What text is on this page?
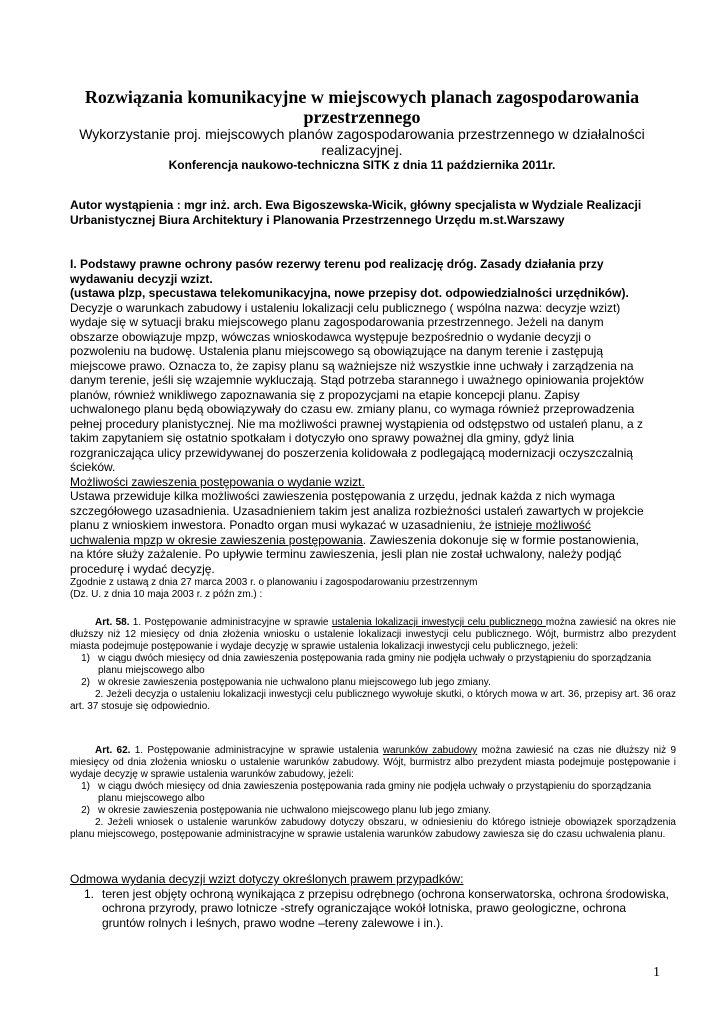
Rozwiązania komunikacyjne w miejscowych planach zagospodarowania
przestrzennego
Wykorzystanie proj. miejscowych planów zagospodarowania przestrzennego w działalności
realizacyjnej.
Konferencja naukowo-techniczna SITK z dnia 11 października 2011r.
Autor wystąpienia : mgr inż. arch. Ewa Bigoszewska-Wicik, główny specjalista w Wydziale Realizacji
Urbanistycznej Biura Architektury i Planowania Przestrzennego Urzędu m.st.Warszawy

I. Podstawy prawne ochrony pasów rezerwy terenu pod realizację dróg. Zasady działania przy

wydawaniu decyzji wzizt.

(ustawa plzp, specustawa telekomunikacyjna, nowe przepisy dot. odpowiedzialności urzędników).

Decyzje o warunkach zabudowy i ustaleniu lokalizacji celu publicznego ( wspólna nazwa: decyzje wzizt)

wydaje się w sytuacji braku miejscowego planu zagospodarowania przestrzennego. Jeżeli na danym

obszarze obowiązuje mpzp, wówczas wnioskodawca występuje bezpośrednio o wydanie decyzji o

pozwoleniu na budowę. Ustalenia planu miejscowego są obowiązujące na danym terenie i zastępują

miejscowe prawo. Oznacza to, że zapisy planu są ważniejsze niż wszystkie inne uchwały i zarządzenia na

danym terenie, jeśli się wzajemnie wykluczają. Stąd potrzeba starannego i uważnego opiniowania projektów

planów, również wnikliwego zapoznawania się z propozycjami na etapie koncepcji planu. Zapisy

uchwalonego planu będą obowiązywały do czasu ew. zmiany planu, co wymaga również przeprowadzenia

pełnej procedury planistycznej. Nie ma możliwości prawnej wystąpienia od odstępstwo od ustaleń planu, a z

takim zapytaniem się ostatnio spotkałam i dotyczyło ono sprawy poważnej dla gminy, gdyż linia

rozgraniczająca ulicy przewidywanej do poszerzenia kolidowała z podlegającą modernizacji oczyszczalnią

ścieków.

Możliwości zawieszenia postępowania o wydanie wzizt.

Ustawa przewiduje kilka możliwości zawieszenia postępowania z urzędu, jednak każda z nich wymaga

szczegółowego uzasadnienia. Uzasadnieniem takim jest analiza rozbieżności ustaleń zawartych w projekcie

planu z wnioskiem inwestora. Ponadto organ musi wykazać w uzasadnieniu, że istnieje możliwość

uchwalenia mpzp w okresie zawieszenia postępowania. Zawieszenia dokonuje się w formie postanowienia,

na które służy zażalenie. Po upływie terminu zawieszenia, jesli plan nie został uchwalony, należy podjąć

procedurę i wydać decyzję.

Zgodnie z ustawą z dnia 27 marca 2003 r. o planowaniu i zagospodarowaniu przestrzennym

(Dz. U. z dnia 10 maja 2003 r. z późn zm.) :

Art. 58. 1. Postępowanie administracyjne w sprawie ustalenia lokalizacji inwestycji celu publicznego można zawiesić na okres nie dłuższy niż 12 miesięcy od dnia złożenia wniosku o ustalenie lokalizacji inwestycji celu publicznego. Wójt, burmistrz albo prezydent miasta podejmuje postępowanie i wydaje decyzję w sprawie ustalenia lokalizacji inwestycji celu publicznego, jeżeli:

1) w ciągu dwóch miesięcy od dnia zawieszenia postępowania rada gminy nie podjęła uchwały o przystąpieniu do sporządzania planu miejscowego albo
2) w okresie zawieszenia postępowania nie uchwalono planu miejscowego lub jego zmiany.

2. Jeżeli decyzja o ustaleniu lokalizacji inwestycji celu publicznego wywołuje skutki, o których mowa w art. 36, przepisy art. 36 oraz art. 37 stosuje się odpowiednio.

Art. 62. 1. Postępowanie administracyjne w sprawie ustalenia warunków zabudowy można zawiesić na czas nie dłuższy niż 9 miesięcy od dnia złożenia wniosku o ustalenie warunków zabudowy. Wójt, burmistrz albo prezydent miasta podejmuje postępowanie i wydaje decyzję w sprawie ustalenia warunków zabudowy, jeżeli:

1) w ciągu dwóch miesięcy od dnia zawieszenia postępowania rada gminy nie podjęła uchwały o przystąpieniu do sporządzania planu miejscowego albo
2) w okresie zawieszenia postępowania nie uchwalono miejscowego planu lub jego zmiany.

2. Jeżeli wniosek o ustalenie warunków zabudowy dotyczy obszaru, w odniesieniu do którego istnieje obowiązek sporządzenia planu miejscowego, postępowanie administracyjne w sprawie ustalenia warunków zabudowy zawiesza się do czasu uchwalenia planu.

Odmowa wydania decyzji wzizt dotyczy określonych prawem przypadków:

1. teren jest objęty ochroną wynikająca z przepisu odrębnego (ochrona konserwatorska, ochrona środowiska, ochrona przyrody, prawo lotnicze -strefy ograniczające wokół lotniska, prawo geologiczne, ochrona gruntów rolnych i leśnych, prawo wodne –tereny zalewowe i in.).
1
